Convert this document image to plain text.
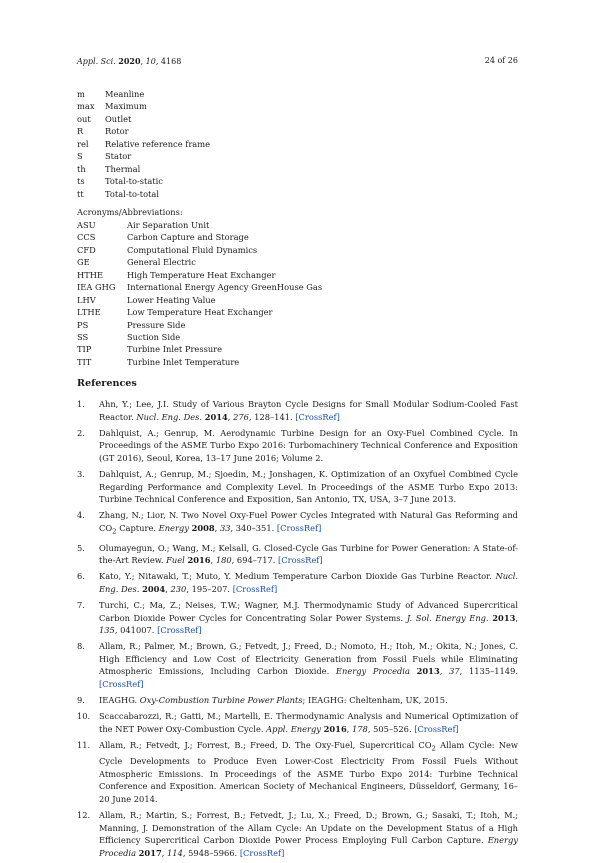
Appl. Sci. 2020, 10, 4168	24 of 26
m	Meanline
max	Maximum
out	Outlet
R	Rotor
rel	Relative reference frame
S	Stator
th	Thermal
ts	Total-to-static
tt	Total-to-total
Acronyms/Abbreviations:
ASU	Air Separation Unit
CCS	Carbon Capture and Storage
CFD	Computational Fluid Dynamics
GE	General Electric
HTHE	High Temperature Heat Exchanger
IEA GHG	International Energy Agency GreenHouse Gas
LHV	Lower Heating Value
LTHE	Low Temperature Heat Exchanger
PS	Pressure Side
SS	Suction Side
TIP	Turbine Inlet Pressure
TIT	Turbine Inlet Temperature
References
1.	Ahn, Y.; Lee, J.I. Study of Various Brayton Cycle Designs for Small Modular Sodium-Cooled Fast Reactor. Nucl. Eng. Des. 2014, 276, 128–141. [CrossRef]
2.	Dahlquist, A.; Genrup, M. Aerodynamic Turbine Design for an Oxy-Fuel Combined Cycle. In Proceedings of the ASME Turbo Expo 2016: Turbomachinery Technical Conference and Exposition (GT 2016), Seoul, Korea, 13–17 June 2016; Volume 2.
3.	Dahlquist, A.; Genrup, M.; Sjoedin, M.; Jonshagen, K. Optimization of an Oxyfuel Combined Cycle Regarding Performance and Complexity Level. In Proceedings of the ASME Turbo Expo 2013: Turbine Technical Conference and Exposition, San Antonio, TX, USA, 3–7 June 2013.
4.	Zhang, N.; Lior, N. Two Novel Oxy-Fuel Power Cycles Integrated with Natural Gas Reforming and $CO_2$ Capture. Energy 2008, 33, 340–351. [CrossRef]
5.	Olumayegun, O.; Wang, M.; Kelsall, G. Closed-Cycle Gas Turbine for Power Generation: A State-of-the-Art Review. Fuel 2016, 180, 694–717. [CrossRef]
6.	Kato, Y.; Nitawaki, T.; Muto, Y. Medium Temperature Carbon Dioxide Gas Turbine Reactor. Nucl. Eng. Des. 2004, 230, 195–207. [CrossRef]
7.	Turchi, C.; Ma, Z.; Neises, T.W.; Wagner, M.J. Thermodynamic Study of Advanced Supercritical Carbon Dioxide Power Cycles for Concentrating Solar Power Systems. J. Sol. Energy Eng. 2013, 135, 041007. [CrossRef]
8.	Allam, R.; Palmer, M.; Brown, G.; Fetvedt, J.; Freed, D.; Nomoto, H.; Itoh, M.; Okita, N.; Jones, C. High Efficiency and Low Cost of Electricity Generation from Fossil Fuels while Eliminating Atmospheric Emissions, Including Carbon Dioxide. Energy Procedia 2013, 37, 1135–1149. [CrossRef]
9.	IEAGHG. Oxy-Combustion Turbine Power Plants; IEAGHG: Cheltenham, UK, 2015.
10.	Scaccabarozzi, R.; Gatti, M.; Martelli, E. Thermodynamic Analysis and Numerical Optimization of the NET Power Oxy-Combustion Cycle. Appl. Energy 2016, 178, 505–526. [CrossRef]
11.	Allam, R.; Fetvedt, J.; Forrest, B.; Freed, D. The Oxy-Fuel, Supercritical $CO_2$ Allam Cycle: New Cycle Developments to Produce Even Lower-Cost Electricity From Fossil Fuels Without Atmospheric Emissions. In Proceedings of the ASME Turbo Expo 2014: Turbine Technical Conference and Exposition. American Society of Mechanical Engineers, Düsseldorf, Germany, 16–20 June 2014.
12.	Allam, R.; Martin, S.; Forrest, B.; Fetvedt, J.; Lu, X.; Freed, D.; Brown, G.; Sasaki, T.; Itoh, M.; Manning, J. Demonstration of the Allam Cycle: An Update on the Development Status of a High Efficiency Supercritical Carbon Dioxide Power Process Employing Full Carbon Capture. Energy Procedia 2017, 114, 5948–5966. [CrossRef]
